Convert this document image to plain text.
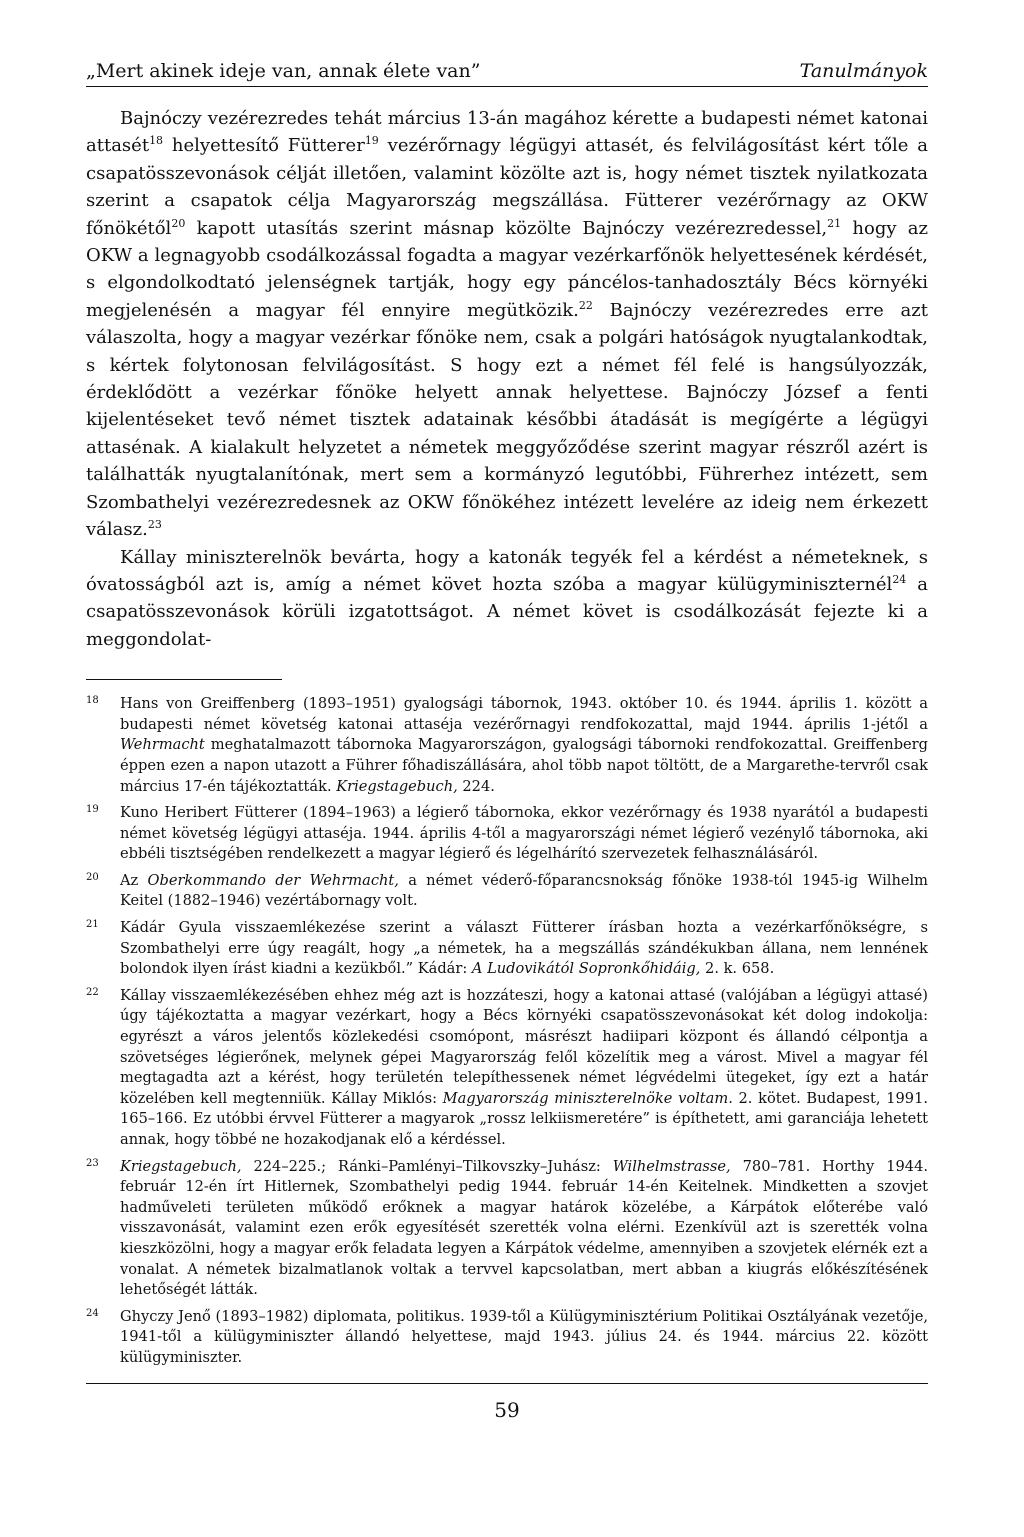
„Mert akinek ideje van, annak élete van”	Tanulmányok

Bajnóczy vezérezredes tehát március 13-án magához kérette a budapesti német katonai attasét$^{18}$ helyettesítő Fütterer$^{19}$ vezérőrnagy légügyi attasét, és felvilágosítást kért tőle a csapatösszevonások célját illetően, valamint közölte azt is, hogy német tisztek nyilatkozata szerint a csapatok célja Magyarország megszállása. Fütterer vezérőrnagy az OKW főnökétől$^{20}$ kapott utasítás szerint másnap közölte Bajnóczy vezérezredessel,$^{21}$ hogy az OKW a legnagyobb csodálkozással fogadta a magyar vezérkarfőnök helyettesének kérdését, s elgondolkodtató jelenségnek tartják, hogy egy páncélos-tanhadosztály Bécs környéki megjelenésén a magyar fél ennyire megütközik.$^{22}$ Bajnóczy vezérezredes erre azt válaszolta, hogy a magyar vezérkar főnöke nem, csak a polgári hatóságok nyugtalankodtak, s kértek folytonosan felvilágosítást. S hogy ezt a német fél felé is hangsúlyozzák, érdeklődött a vezérkar főnöke helyett annak helyettese. Bajnóczy József a fenti kijelentéseket tevő német tisztek adatainak későbbi átadását is megígérte a légügyi attasénak. A kialakult helyzetet a németek meggyőződése szerint magyar részről azért is találhatták nyugtalanítónak, mert sem a kormányzó legutóbbi, Führerhez intézett, sem Szombathelyi vezérezredesnek az OKW főnökéhez intézett levelére az ideig nem érkezett válasz.$^{23}$

Kállay miniszterelnök bevárta, hogy a katonák tegyék fel a kérdést a németeknek, s óvatosságból azt is, amíg a német követ hozta szóba a magyar külügyminiszternél$^{24}$ a csapatösszevonások körüli izgatottságot. A német követ is csodálkozását fejezte ki a meggondolat-

$^{18}$	Hans von Greiffenberg (1893–1951) gyalogsági tábornok, 1943. október 10. és 1944. április 1. között a budapesti német követség katonai attaséja vezérőrnagyi rendfokozattal, majd 1944. április 1-jétől a Wehrmacht meghatalmazott tábornoka Magyarországon, gyalogsági tábornoki rendfokozattal. Greiffenberg éppen ezen a napon utazott a Führer főhadiszállására, ahol több napot töltött, de a Margarethe-tervről csak március 17-én tájékoztatták. Kriegstagebuch, 224.
$^{19}$	Kuno Heribert Fütterer (1894–1963) a légierő tábornoka, ekkor vezérőrnagy és 1938 nyarától a budapesti német követség légügyi attaséja. 1944. április 4-től a magyarországi német légierő vezénylő tábornoka, aki ebbéli tisztségében rendelkezett a magyar légierő és légelhárító szervezetek felhasználásáról.
$^{20}$	Az Oberkommando der Wehrmacht, a német véderő-főparancsnokság főnöke 1938-tól 1945-ig Wilhelm Keitel (1882–1946) vezértábornagy volt.
$^{21}$	Kádár Gyula visszaemlékezése szerint a választ Fütterer írásban hozta a vezérkarfőnökségre, s Szombathelyi erre úgy reagált, hogy „a németek, ha a megszállás szándékukban állana, nem lennének bolondok ilyen írást kiadni a kezükből.” Kádár: A Ludovikától Sopronkőhidáig, 2. k. 658.
$^{22}$	Kállay visszaemlékezésében ehhez még azt is hozzáteszi, hogy a katonai attasé (valójában a légügyi attasé) úgy tájékoztatta a magyar vezérkart, hogy a Bécs környéki csapatösszevonásokat két dolog indokolja: egyrészt a város jelentős közlekedési csomópont, másrészt hadiipari központ és állandó célpontja a szövetséges légierőnek, melynek gépei Magyarország felől közelítik meg a várost. Mivel a magyar fél megtagadta azt a kérést, hogy területén telepíthessenek német légvédelmi ütegeket, így ezt a határ közelében kell megtenniük. Kállay Miklós: Magyarország miniszterelnöke voltam. 2. kötet. Budapest, 1991. 165–166. Ez utóbbi érvvel Fütterer a magyarok „rossz lelkiismeretére” is építhetett, ami garanciája lehetett annak, hogy többé ne hozakodjanak elő a kérdéssel.
$^{23}$	Kriegstagebuch, 224–225.; Ránki–Pamlényi–Tilkovszky–Juhász: Wilhelmstrasse, 780–781. Horthy 1944. február 12-én írt Hitlernek, Szombathelyi pedig 1944. február 14-én Keitelnek. Mindketten a szovjet hadműveleti területen működő erőknek a magyar határok közelébe, a Kárpátok előterébe való visszavonását, valamint ezen erők egyesítését szerették volna elérni. Ezenkívül azt is szerették volna kieszközölni, hogy a magyar erők feladata legyen a Kárpátok védelme, amennyiben a szovjetek elérnék ezt a vonalat. A németek bizalmatlanok voltak a tervvel kapcsolatban, mert abban a kiugrás előkészítésének lehetőségét látták.
$^{24}$	Ghyczy Jenő (1893–1982) diplomata, politikus. 1939-től a Külügyminisztérium Politikai Osztályának vezetője, 1941-től a külügyminiszter állandó helyettese, majd 1943. július 24. és 1944. március 22. között külügyminiszter.
59
